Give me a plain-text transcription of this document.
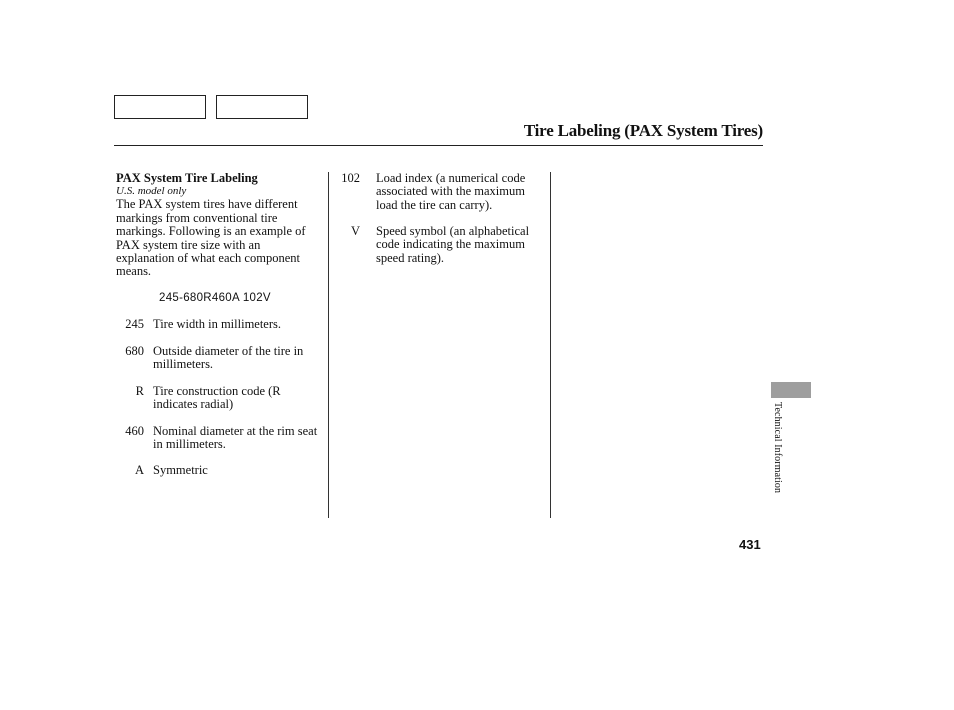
Tire Labeling (PAX System Tires)
PAX System Tire Labeling
U.S. model only
The PAX system tires have different markings from conventional tire markings. Following is an example of PAX system tire size with an explanation of what each component means.
245-680R460A 102V
245 Tire width in millimeters.
680 Outside diameter of the tire in millimeters.
R Tire construction code (R indicates radial)
460 Nominal diameter at the rim seat in millimeters.
A Symmetric
102 Load index (a numerical code associated with the maximum load the tire can carry).
V Speed symbol (an alphabetical code indicating the maximum speed rating).
Technical Information
431
